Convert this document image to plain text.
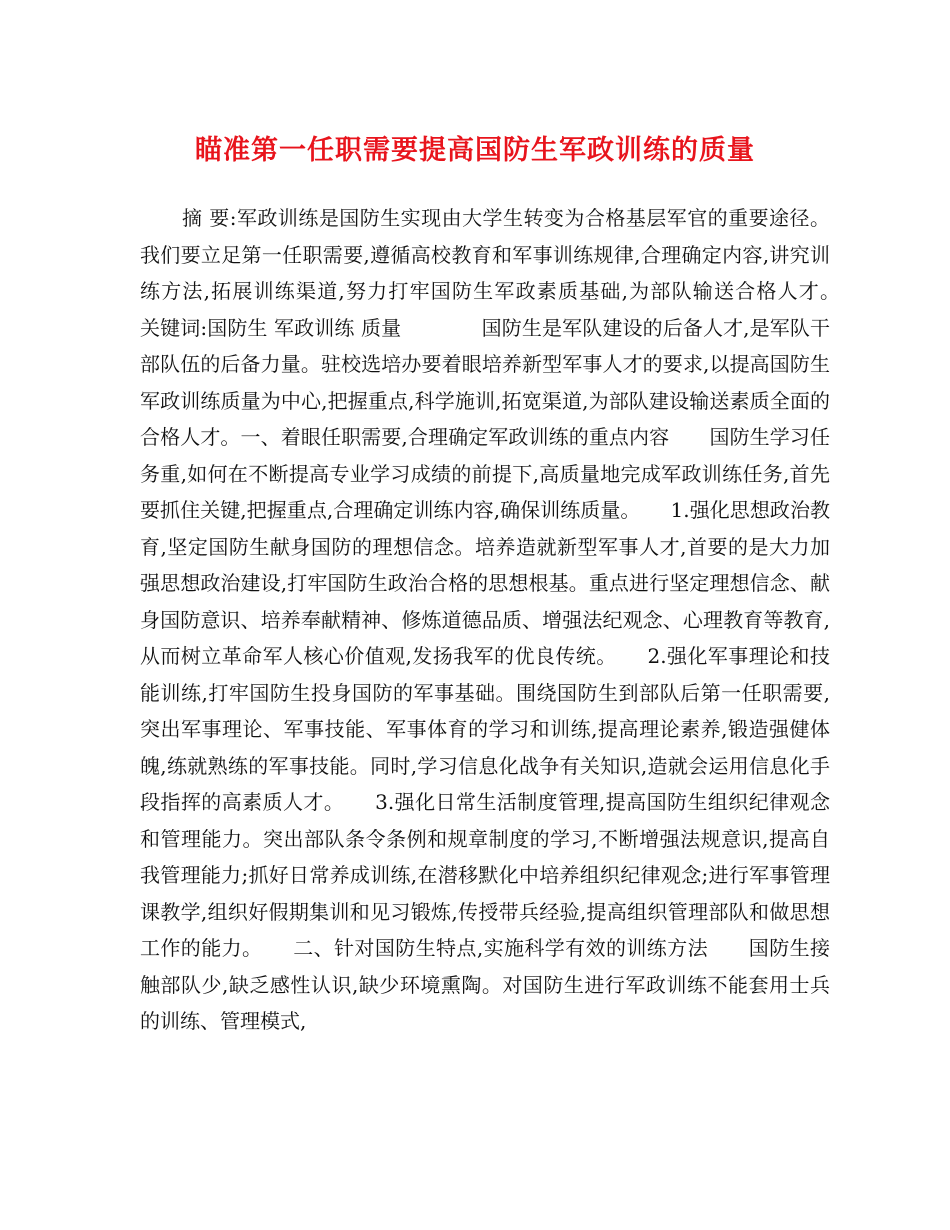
瞄准第一任职需要提高国防生军政训练的质量

摘 要:军政训练是国防生实现由大学生转变为合格基层军官的重要途径。我们要立足第一任职需要,遵循高校教育和军事训练规律,合理确定内容,讲究训练方法,拓展训练渠道,努力打牢国防生军政素质基础,为部队输送合格人才。　　关键词:国防生 军政训练 质量　　　　国防生是军队建设的后备人才,是军队干部队伍的后备力量。驻校选培办要着眼培养新型军事人才的要求,以提高国防生军政训练质量为中心,把握重点,科学施训,拓宽渠道,为部队建设输送素质全面的合格人才。一、着眼任职需要,合理确定军政训练的重点内容　　国防生学习任务重,如何在不断提高专业学习成绩的前提下,高质量地完成军政训练任务,首先要抓住关键,把握重点,合理确定训练内容,确保训练质量。　　1.强化思想政治教育,坚定国防生献身国防的理想信念。培养造就新型军事人才,首要的是大力加强思想政治建设,打牢国防生政治合格的思想根基。重点进行坚定理想信念、献身国防意识、培养奉献精神、修炼道德品质、增强法纪观念、心理教育等教育,从而树立革命军人核心价值观,发扬我军的优良传统。　　2.强化军事理论和技能训练,打牢国防生投身国防的军事基础。围绕国防生到部队后第一任职需要,突出军事理论、军事技能、军事体育的学习和训练,提高理论素养,锻造强健体魄,练就熟练的军事技能。同时,学习信息化战争有关知识,造就会运用信息化手段指挥的高素质人才。　　3.强化日常生活制度管理,提高国防生组织纪律观念和管理能力。突出部队条令条例和规章制度的学习,不断增强法规意识,提高自我管理能力;抓好日常养成训练,在潜移默化中培养组织纪律观念;进行军事管理课教学,组织好假期集训和见习锻炼,传授带兵经验,提高组织管理部队和做思想工作的能力。　　二、针对国防生特点,实施科学有效的训练方法　　国防生接触部队少,缺乏感性认识,缺少环境熏陶。对国防生进行军政训练不能套用士兵的训练、管理模式,
